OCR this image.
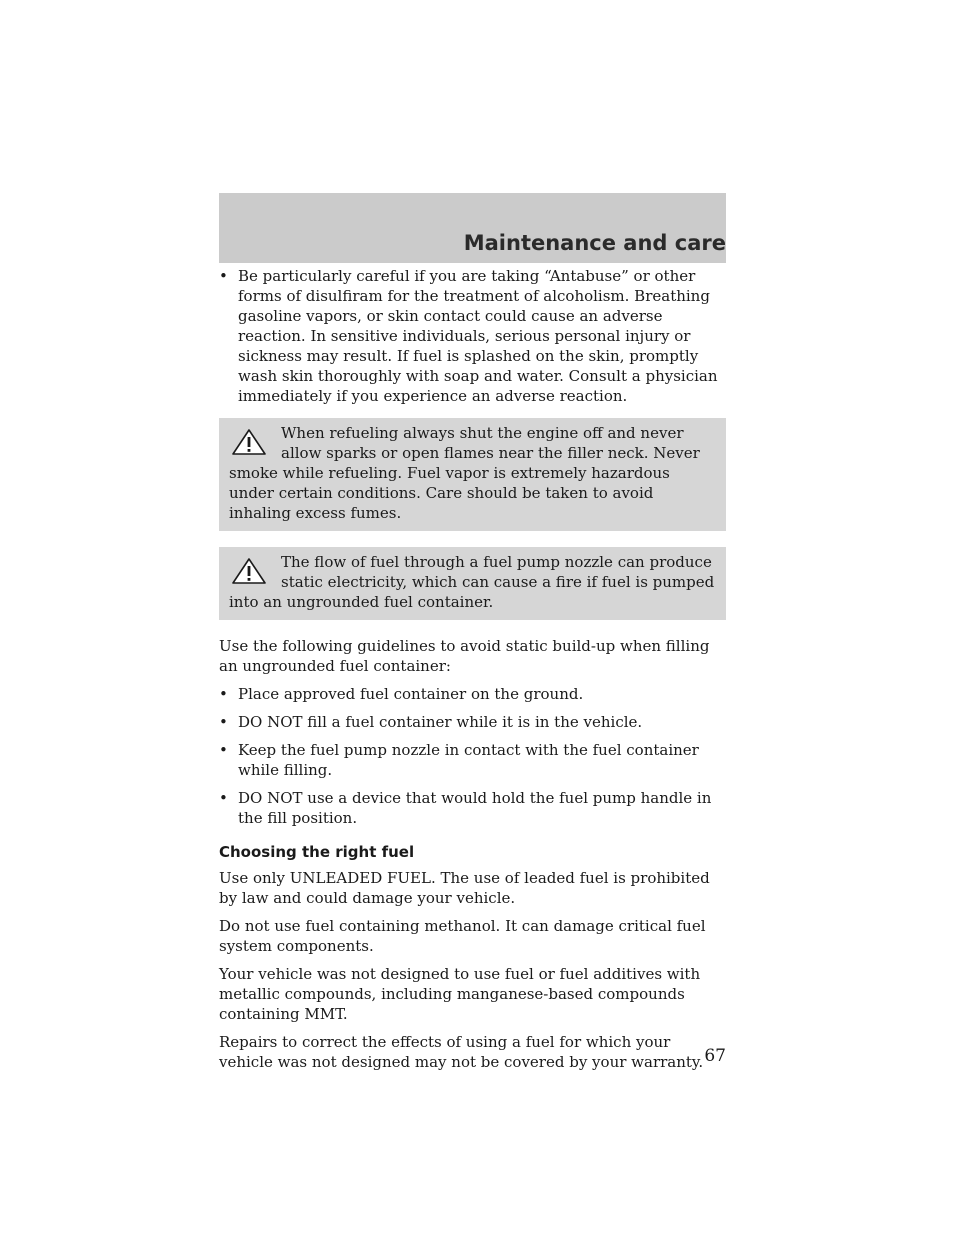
Maintenance and care
• Be particularly careful if you are taking “Antabuse” or other forms of disulfiram for the treatment of alcoholism. Breathing gasoline vapors, or skin contact could cause an adverse reaction. In sensitive individuals, serious personal injury or sickness may result. If fuel is splashed on the skin, promptly wash skin thoroughly with soap and water. Consult a physician immediately if you experience an adverse reaction.

When refueling always shut the engine off and never allow sparks or open flames near the filler neck. Never smoke while refueling. Fuel vapor is extremely hazardous under certain conditions. Care should be taken to avoid inhaling excess fumes.

The flow of fuel through a fuel pump nozzle can produce static electricity, which can cause a fire if fuel is pumped into an ungrounded fuel container.

Use the following guidelines to avoid static build-up when filling an ungrounded fuel container:

• Place approved fuel container on the ground.
• DO NOT fill a fuel container while it is in the vehicle.
• Keep the fuel pump nozzle in contact with the fuel container while filling.
• DO NOT use a device that would hold the fuel pump handle in the fill position.
Choosing the right fuel

Use only UNLEADED FUEL. The use of leaded fuel is prohibited by law and could damage your vehicle.

Do not use fuel containing methanol. It can damage critical fuel system components.

Your vehicle was not designed to use fuel or fuel additives with metallic compounds, including manganese-based compounds containing MMT.

Repairs to correct the effects of using a fuel for which your vehicle was not designed may not be covered by your warranty. 67
